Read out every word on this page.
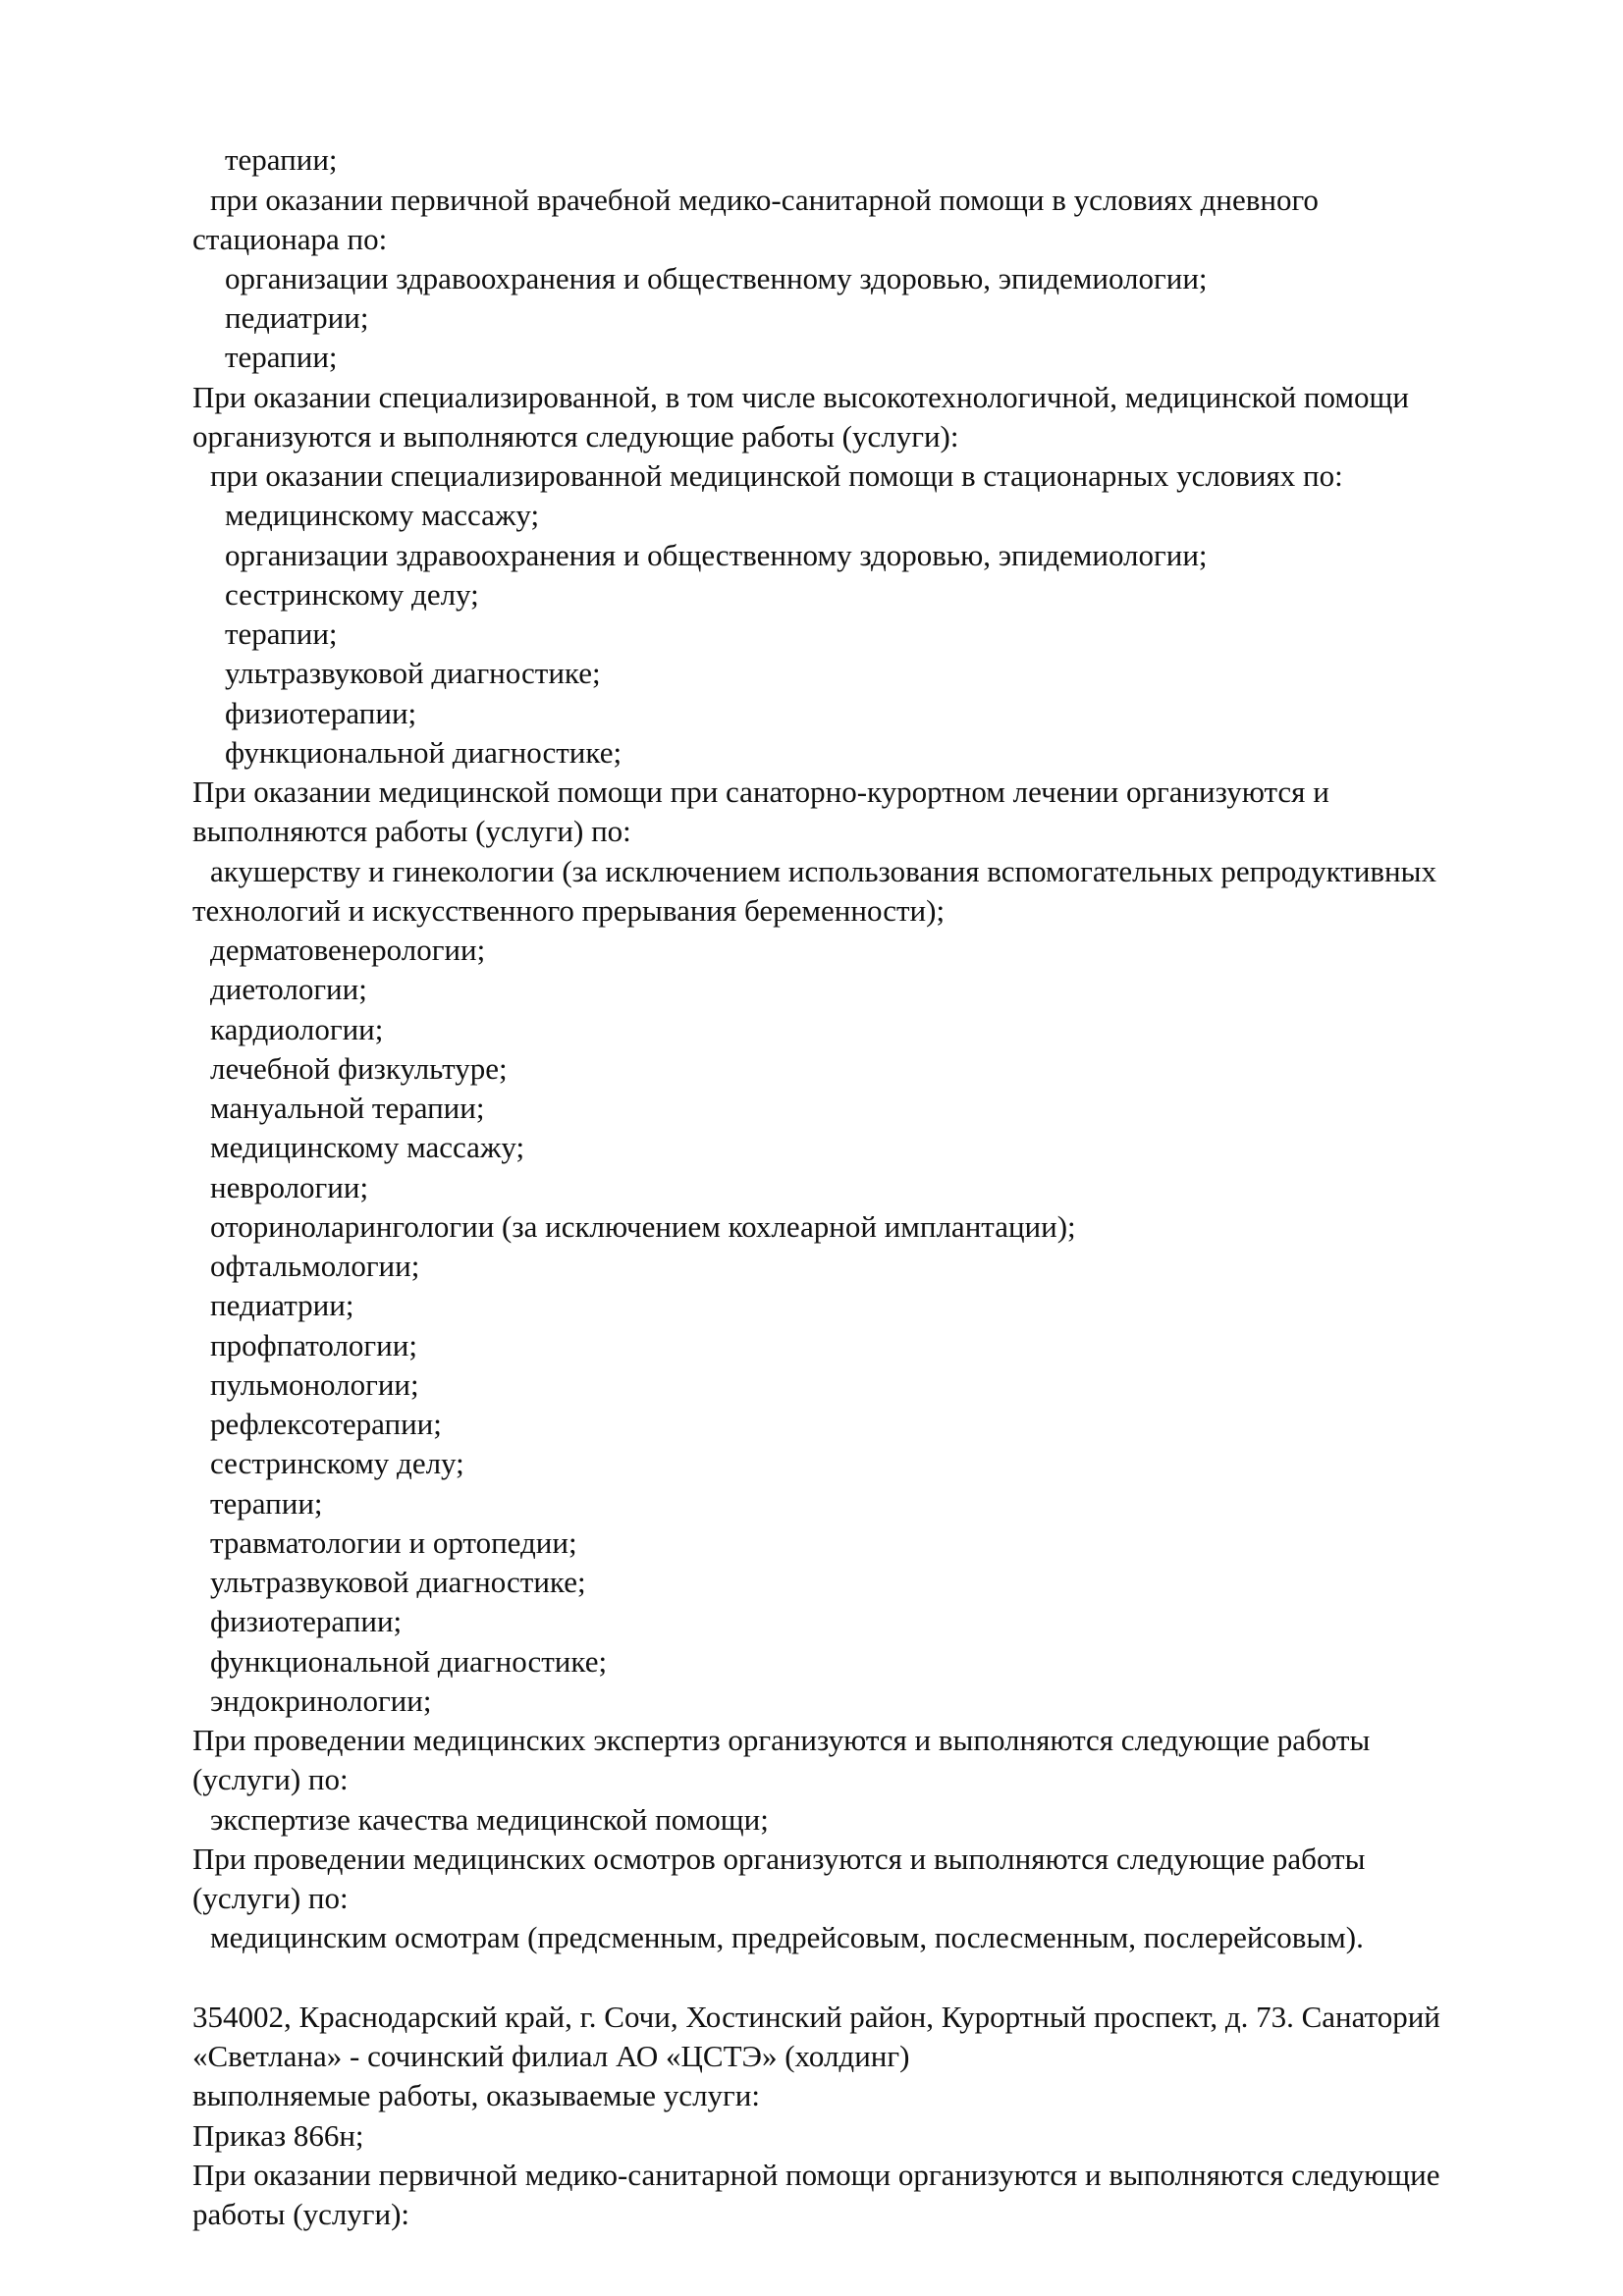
терапии;
при оказании первичной врачебной медико-санитарной помощи в условиях дневного
стационара по:
организации здравоохранения и общественному здоровью, эпидемиологии;
педиатрии;
терапии;
При оказании специализированной, в том числе высокотехнологичной, медицинской помощи
организуются и выполняются следующие работы (услуги):
при оказании специализированной медицинской помощи в стационарных условиях по:
медицинскому массажу;
организации здравоохранения и общественному здоровью, эпидемиологии;
сестринскому делу;
терапии;
ультразвуковой диагностике;
физиотерапии;
функциональной диагностике;
При оказании медицинской помощи при санаторно-курортном лечении организуются и
выполняются работы (услуги) по:
акушерству и гинекологии (за исключением использования вспомогательных репродуктивных
технологий и искусственного прерывания беременности);
дерматовенерологии;
диетологии;
кардиологии;
лечебной физкультуре;
мануальной терапии;
медицинскому массажу;
неврологии;
оториноларингологии (за исключением кохлеарной имплантации);
офтальмологии;
педиатрии;
профпатологии;
пульмонологии;
рефлексотерапии;
сестринскому делу;
терапии;
травматологии и ортопедии;
ультразвуковой диагностике;
физиотерапии;
функциональной диагностике;
эндокринологии;
При проведении медицинских экспертиз организуются и выполняются следующие работы
(услуги) по:
экспертизе качества медицинской помощи;
При проведении медицинских осмотров организуются и выполняются следующие работы
(услуги) по:
медицинским осмотрам (предсменным, предрейсовым, послесменным, послерейсовым).
354002, Краснодарский край, г. Сочи, Хостинский район, Курортный проспект, д. 73. Санаторий
«Светлана» - сочинский филиал АО «ЦСТЭ» (холдинг)
выполняемые работы, оказываемые услуги:
Приказ 866н;
При оказании первичной медико-санитарной помощи организуются и выполняются следующие
работы (услуги):
